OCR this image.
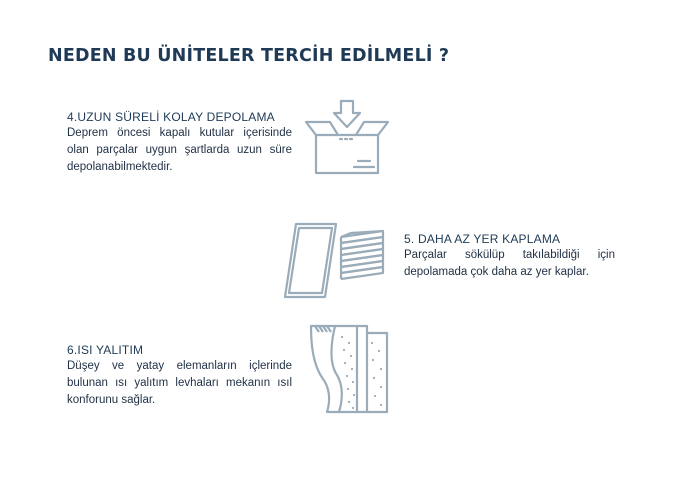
NEDEN BU ÜNİTELER TERCİH EDİLMELİ ?
4.UZUN SÜRELİ KOLAY DEPOLAMA
Deprem öncesi kapalı kutular içerisinde olan parçalar uygun şartlarda uzun süre depolanabilmektedir.
5. DAHA AZ YER KAPLAMA
Parçalar sökülüp takılabildiği için depolamada çok daha az yer kaplar.
6.ISI YALITIM
Düşey ve yatay elemanların içlerinde bulunan ısı yalıtım levhaları mekanın ısıl konforunu sağlar.
